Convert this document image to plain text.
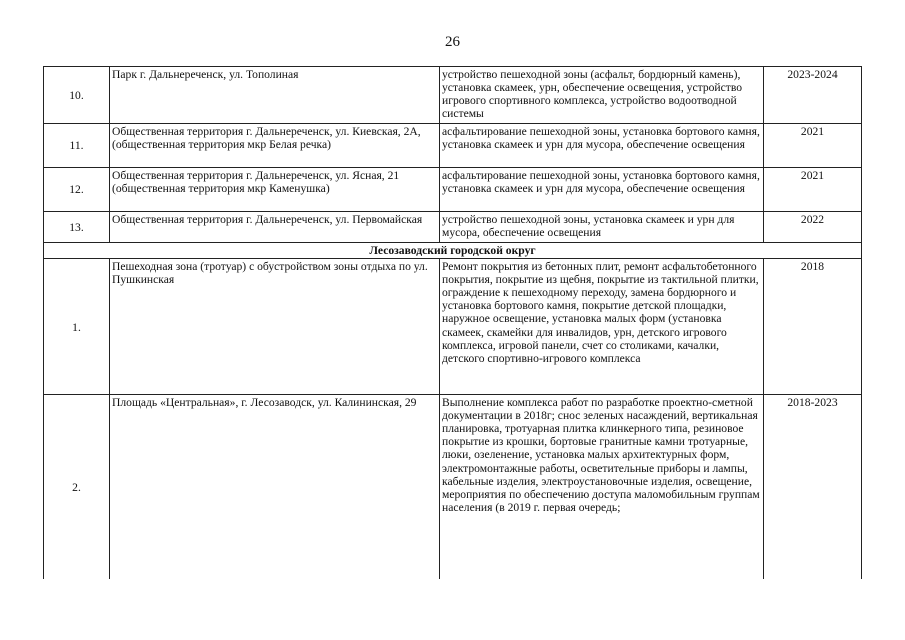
26
10.	Парк г. Дальнереченск, ул. Тополиная	устройство пешеходной зоны (асфальт, бордюрный камень), установка скамеек, урн, обеспечение освещения, устройство игрового спортивного комплекса, устройство водоотводной системы	2023-2024
11.	Общественная территория г. Дальнереченск, ул. Киевская, 2А, (общественная территория мкр Белая речка)	асфальтирование пешеходной зоны, установка бортового камня, установка скамеек и урн для мусора, обеспечение освещения	2021
12.	Общественная территория г. Дальнереченск, ул. Ясная, 21 (общественная территория мкр Каменушка)	асфальтирование пешеходной зоны, установка бортового камня, установка скамеек и урн для мусора, обеспечение освещения	2021
13.	Общественная территория г. Дальнереченск, ул. Первомайская	устройство пешеходной зоны, установка скамеек и урн для мусора, обеспечение освещения	2022
Лесозаводский городской округ			
1.	Пешеходная зона (тротуар) с обустройством зоны отдыха по ул. Пушкинская	Ремонт покрытия из бетонных плит, ремонт асфальтобетонного покрытия, покрытие из щебня, покрытие из тактильной плитки, ограждение к пешеходному переходу, замена бордюрного и установка бортового камня, покрытие детской площадки, наружное освещение, установка малых форм (установка скамеек, скамейки для инвалидов, урн, детского игрового комплекса, игровой панели, счет со столиками, качалки, детского спортивно-игрового комплекса	2018
2.	Площадь «Центральная», г. Лесозаводск, ул. Калининская, 29	Выполнение комплекса работ по разработке проектно-сметной документации в 2018г; снос зеленых насаждений, вертикальная планировка, тротуарная плитка клинкерного типа, резиновое покрытие из крошки, бортовые гранитные камни тротуарные, люки, озеленение, установка малых архитектурных форм, электромонтажные работы, осветительные приборы и лампы, кабельные изделия, электроустановочные изделия, освещение, мероприятия по обеспечению доступа маломобильным группам населения (в 2019 г. первая очередь;	2018-2023
